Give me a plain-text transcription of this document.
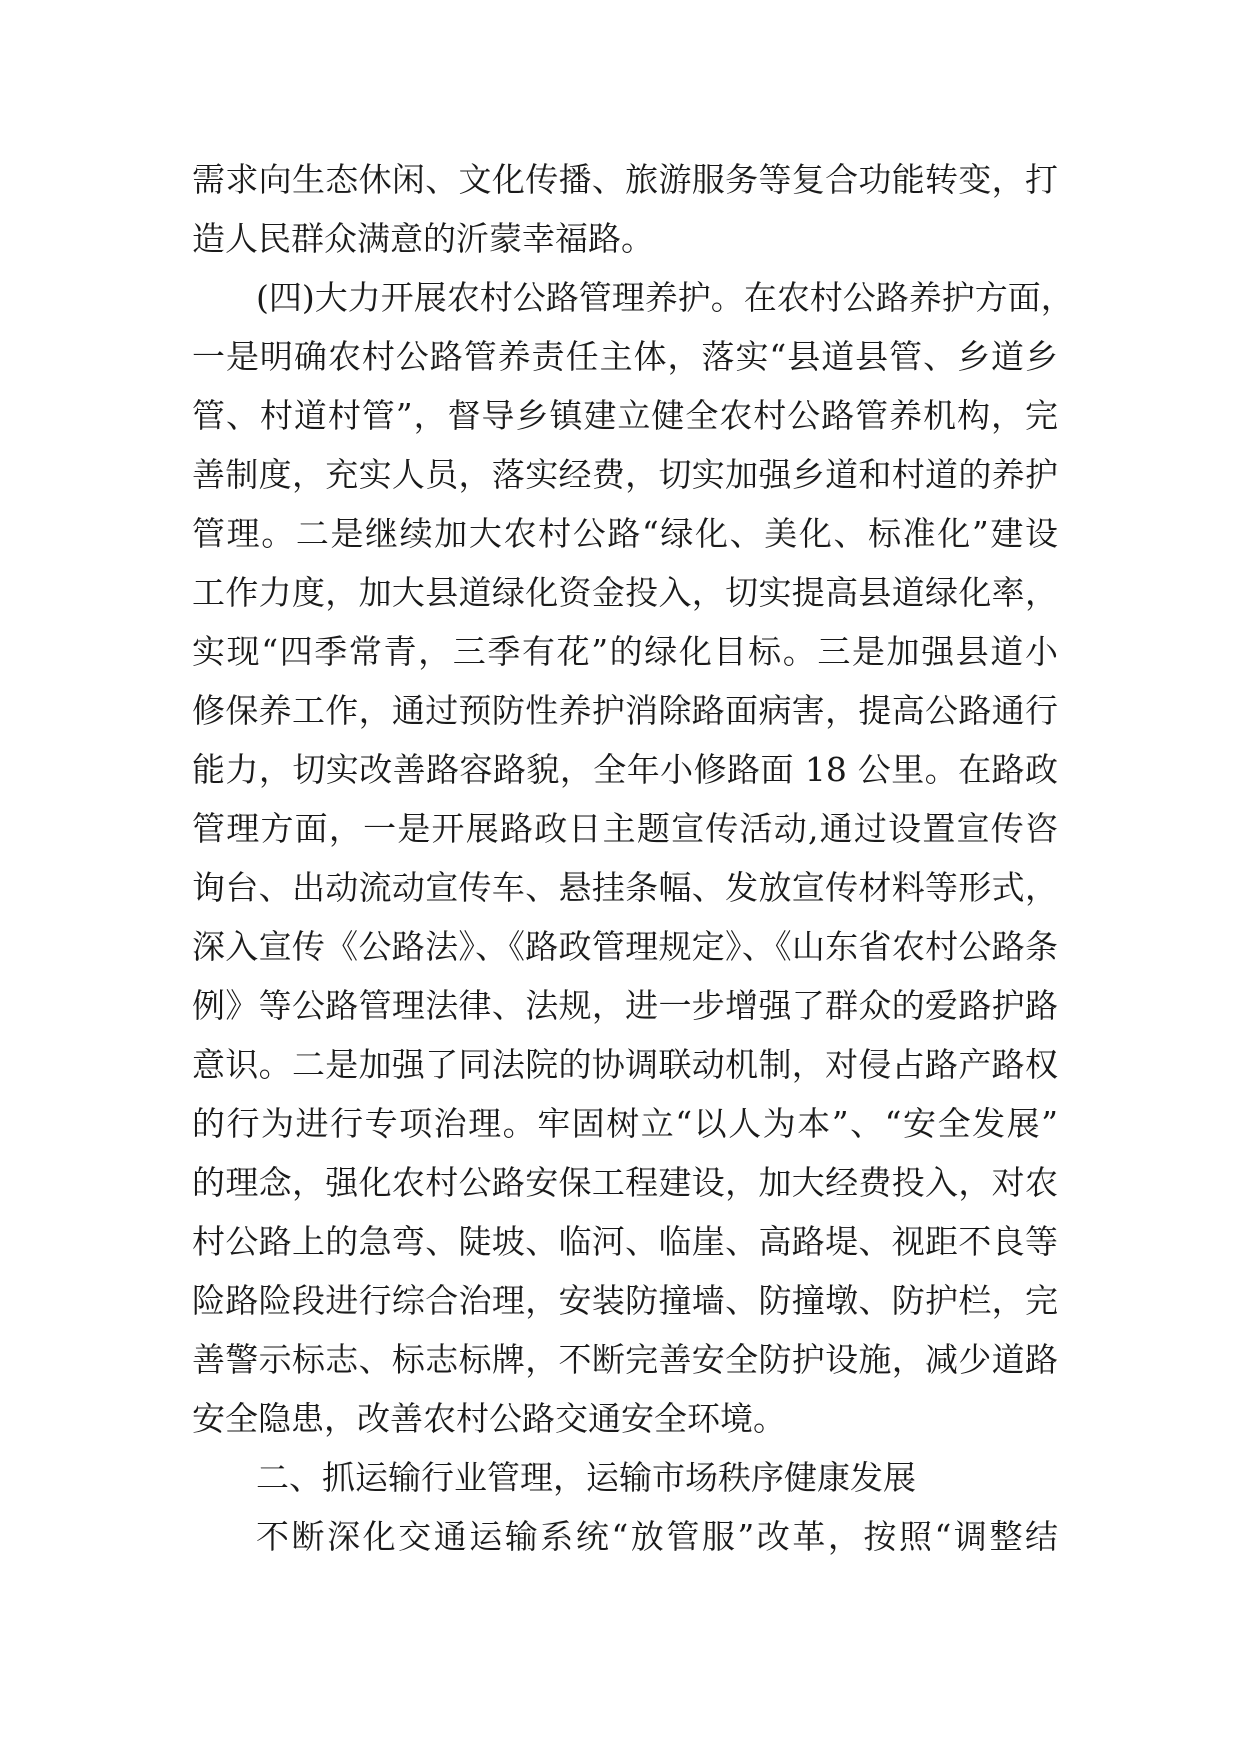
需求向生态休闲、文化传播、旅游服务等复合功能转变，打
造人民群众满意的沂蒙幸福路。
(四)大力开展农村公路管理养护。在农村公路养护方面，
一是明确农村公路管养责任主体，落实“县道县管、乡道乡
管、村道村管”，督导乡镇建立健全农村公路管养机构，完
善制度，充实人员，落实经费，切实加强乡道和村道的养护
管理。二是继续加大农村公路“绿化、美化、标准化”建设
工作力度，加大县道绿化资金投入，切实提高县道绿化率，
实现“四季常青，三季有花”的绿化目标。三是加强县道小
修保养工作，通过预防性养护消除路面病害，提高公路通行
能力，切实改善路容路貌，全年小修路面 18 公里。在路政
管理方面，一是开展路政日主题宣传活动,通过设置宣传咨
询台、出动流动宣传车、悬挂条幅、发放宣传材料等形式，
深入宣传《公路法》、《路政管理规定》、《山东省农村公路条
例》等公路管理法律、法规，进一步增强了群众的爱路护路
意识。二是加强了同法院的协调联动机制，对侵占路产路权
的行为进行专项治理。牢固树立“以人为本”、“安全发展”
的理念，强化农村公路安保工程建设，加大经费投入，对农
村公路上的急弯、陡坡、临河、临崖、高路堤、视距不良等
险路险段进行综合治理，安装防撞墙、防撞墩、防护栏，完
善警示标志、标志标牌，不断完善安全防护设施，减少道路
安全隐患，改善农村公路交通安全环境。
二、抓运输行业管理，运输市场秩序健康发展
不断深化交通运输系统“放管服”改革，按照“调整结
